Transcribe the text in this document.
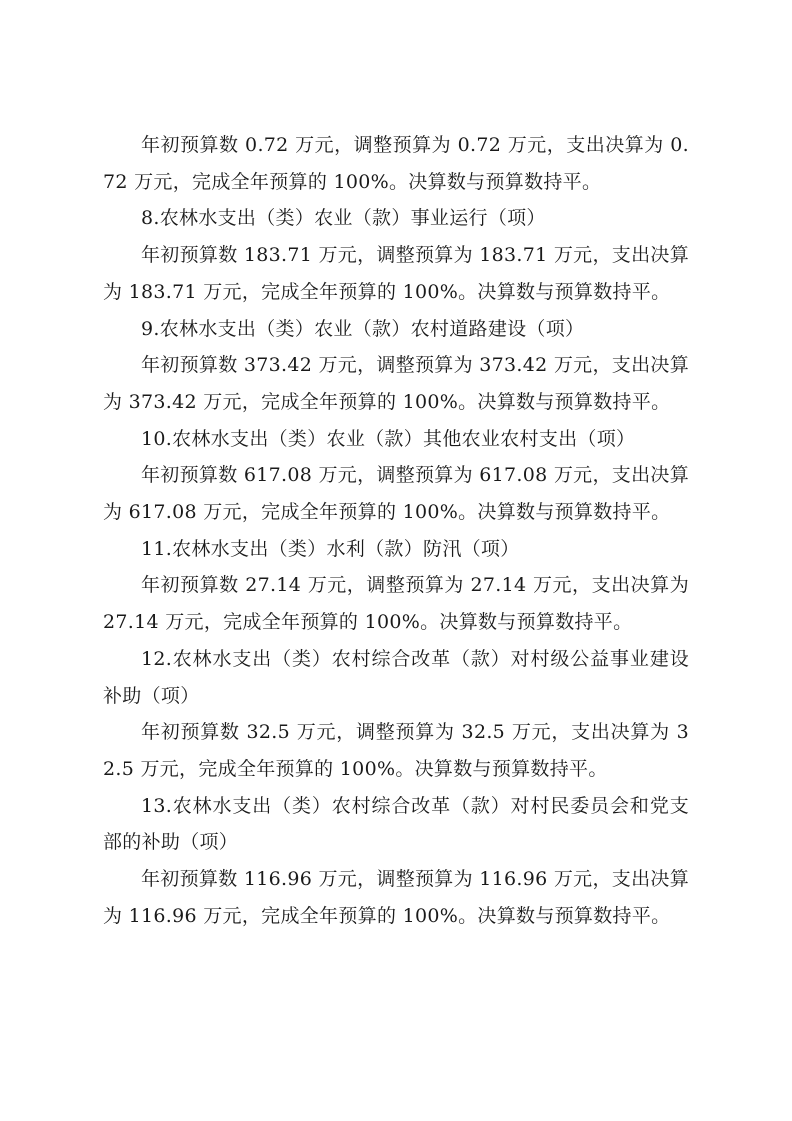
年初预算数 0.72 万元，调整预算为 0.72 万元，支出决算为 0.72 万元，完成全年预算的 100%。决算数与预算数持平。

8.农林水支出（类）农业（款）事业运行（项）

年初预算数 183.71 万元，调整预算为 183.71 万元，支出决算为 183.71 万元，完成全年预算的 100%。决算数与预算数持平。

9.农林水支出（类）农业（款）农村道路建设（项）

年初预算数 373.42 万元，调整预算为 373.42 万元，支出决算为 373.42 万元，完成全年预算的 100%。决算数与预算数持平。

10.农林水支出（类）农业（款）其他农业农村支出（项）

年初预算数 617.08 万元，调整预算为 617.08 万元，支出决算为 617.08 万元，完成全年预算的 100%。决算数与预算数持平。

11.农林水支出（类）水利（款）防汛（项）

年初预算数 27.14 万元，调整预算为 27.14 万元，支出决算为 27.14 万元，完成全年预算的 100%。决算数与预算数持平。

12.农林水支出（类）农村综合改革（款）对村级公益事业建设补助（项）

年初预算数 32.5 万元，调整预算为 32.5 万元，支出决算为 32.5 万元，完成全年预算的 100%。决算数与预算数持平。

13.农林水支出（类）农村综合改革（款）对村民委员会和党支部的补助（项）

年初预算数 116.96 万元，调整预算为 116.96 万元，支出决算为 116.96 万元，完成全年预算的 100%。决算数与预算数持平。
